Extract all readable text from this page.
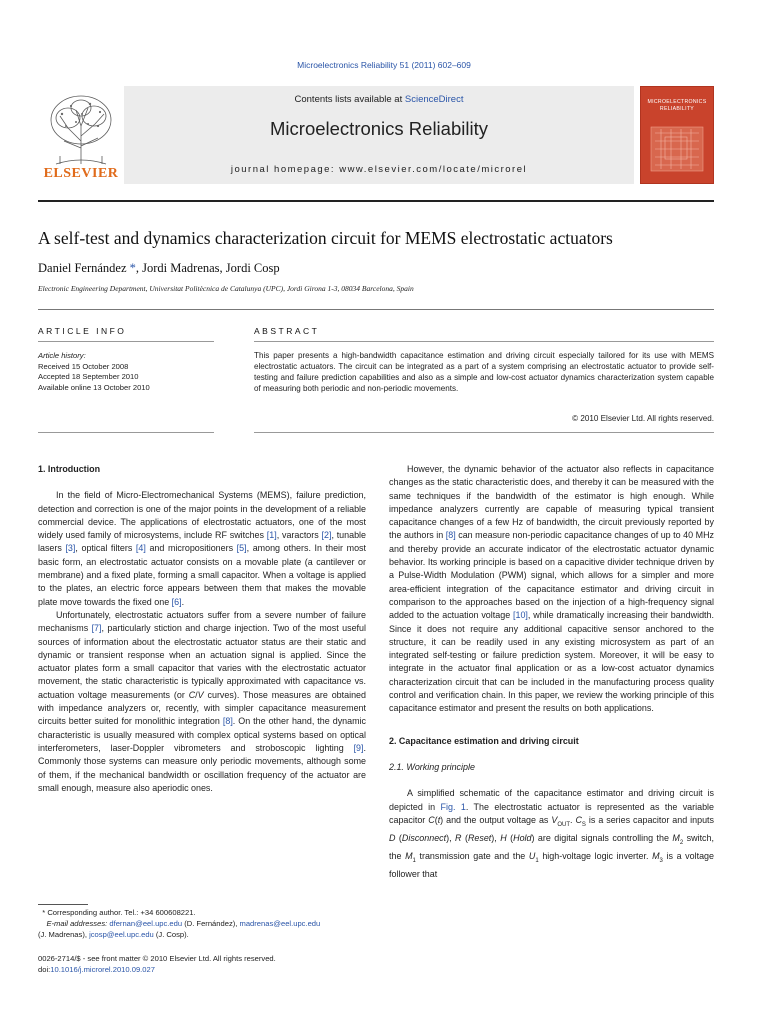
Microelectronics Reliability 51 (2011) 602–609
Contents lists available at ScienceDirect
Microelectronics Reliability
journal homepage: www.elsevier.com/locate/microrel
ELSEVIER
MICROELECTRONICS RELIABILITY
A self-test and dynamics characterization circuit for MEMS electrostatic actuators
Daniel Fernández *, Jordi Madrenas, Jordi Cosp
Electronic Engineering Department, Universitat Politècnica de Catalunya (UPC), Jordi Girona 1-3, 08034 Barcelona, Spain
ARTICLE INFO	ABSTRACT
Article history:
Received 15 October 2008
Accepted 18 September 2010
Available online 13 October 2010
This paper presents a high-bandwidth capacitance estimation and driving circuit especially tailored for its use with MEMS electrostatic actuators. The circuit can be integrated as a part of a system comprising an electrostatic actuator to provide self-testing and failure prediction capabilities and also as a simple and low-cost actuator dynamics characterization system capable of measuring both periodic and non-periodic movements.
© 2010 Elsevier Ltd. All rights reserved.

1. Introduction

In the field of Micro-Electromechanical Systems (MEMS), failure prediction, detection and correction is one of the major points in the development of a reliable commercial device. The applications of electrostatic actuators, one of the most widely used family of microsystems, include RF switches [1], varactors [2], tunable lasers [3], optical filters [4] and micropositioners [5], among others. In their most basic form, an electrostatic actuator consists on a movable plate (a cantilever or membrane) and a fixed plate, forming a small capacitor. When a voltage is applied to the plates, an electric force appears between them that makes the movable plate move towards the fixed one [6].

Unfortunately, electrostatic actuators suffer from a severe number of failure mechanisms [7], particularly stiction and charge injection. Two of the most useful sources of information about the electrostatic actuator status are their static and dynamic or transient response when an actuation signal is applied. Since the actuator plates form a small capacitor that varies with the electrostatic actuator movement, the static characteristic is typically approximated with capacitance vs. actuation voltage measurements (or C/V curves). Those measures are obtained with impedance analyzers or, recently, with simpler capacitance measurement circuits better suited for monolithic integration [8]. On the other hand, the dynamic characteristic is usually measured with complex optical systems based on optical interferometers, laser-Doppler vibrometers and stroboscopic lighting [9]. Commonly those systems can measure only periodic movements, although some of them, if the mechanical bandwidth or oscillation frequency of the actuator are small enough, measure also aperiodic ones.

However, the dynamic behavior of the actuator also reflects in capacitance changes as the static characteristic does, and thereby it can be measured with the same techniques if the bandwidth of the estimator is high enough. While impedance analyzers currently are capable of measuring typical transient capacitance changes of a few Hz of bandwidth, the circuit previously reported by the authors in [8] can measure non-periodic capacitance changes of up to 40 MHz and thereby provide an accurate indicator of the electrostatic actuator dynamic behavior. Its working principle is based on a capacitive divider technique driven by a Pulse-Width Modulation (PWM) signal, which allows for a simpler and more area-efficient integration of the capacitance estimator and driving circuit in comparison to the approaches based on the injection of a high-frequency signal added to the actuation voltage [10], while dramatically increasing their bandwidth. Since it does not require any additional capacitive sensor anchored to the structure, it can be readily used in any existing microsystem as part of an integrated self-testing or failure prediction system. Moreover, it will be easy to integrate in the actuator final application or as a low-cost actuator dynamics characterization circuit that can be included in the manufacturing process quality control and verification chain. In this paper, we review the working principle of this capacitance estimator and present the results on both applications.

2. Capacitance estimation and driving circuit

2.1. Working principle

A simplified schematic of the capacitance estimator and driving circuit is depicted in Fig. 1. The electrostatic actuator is represented as the variable capacitor C(t) and the output voltage as $V_{OUT}$. $C_S$ is a series capacitor and inputs D (Disconnect), R (Reset), H (Hold) are digital signals controlling the $M_2$ switch, the $M_1$ transmission gate and the $U_1$ high-voltage logic inverter. $M_3$ is a voltage follower that

* Corresponding author. Tel.: +34 600608221.
E-mail addresses: dfernan@eel.upc.edu (D. Fernández), madrenas@eel.upc.edu
(J. Madrenas), jcosp@eel.upc.edu (J. Cosp).
0026-2714/$ - see front matter © 2010 Elsevier Ltd. All rights reserved.
doi:10.1016/j.microrel.2010.09.027
